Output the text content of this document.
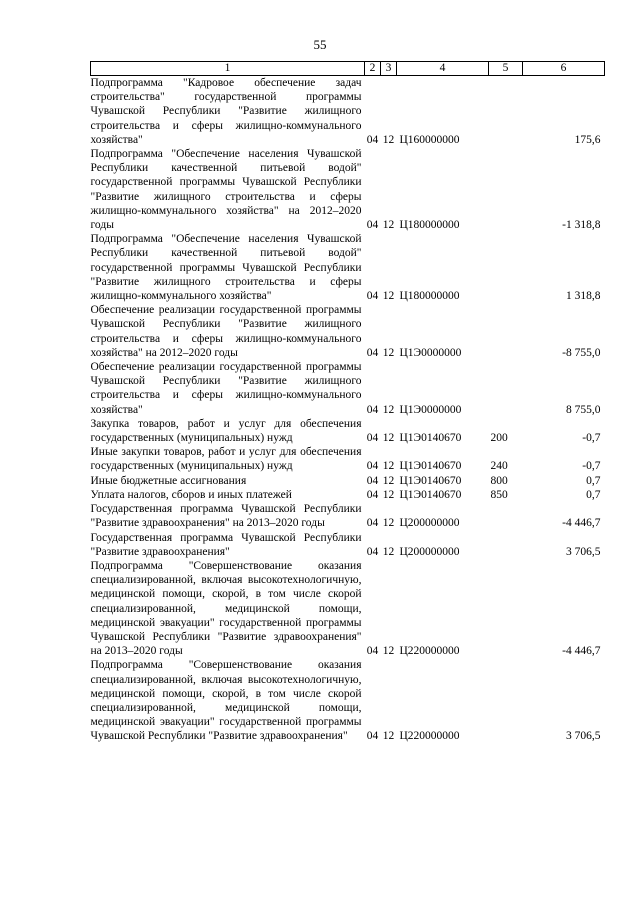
55
1	2	3	4	5	6
Подпрограмма "Кадровое обеспечение задач строительства" государственной программы Чувашской Республики "Развитие жилищного строительства и сферы жилищно-коммунального хозяйства"	04	12	Ц160000000		175,6
Подпрограмма "Обеспечение населения Чувашской Республики качественной питьевой водой" государственной программы Чувашской Республики "Развитие жилищного строительства и сферы жилищно-коммунального хозяйства" на 2012–2020 годы	04	12	Ц180000000		-1 318,8
Подпрограмма "Обеспечение населения Чувашской Республики качественной питьевой водой" государственной программы Чувашской Республики "Развитие жилищного строительства и сферы жилищно-коммунального хозяйства"	04	12	Ц180000000		1 318,8
Обеспечение реализации государственной программы Чувашской Республики "Развитие жилищного строительства и сферы жилищно-коммунального хозяйства" на 2012–2020 годы	04	12	Ц1Э0000000		-8 755,0
Обеспечение реализации государственной программы Чувашской Республики "Развитие жилищного строительства и сферы жилищно-коммунального хозяйства"	04	12	Ц1Э0000000		8 755,0
Закупка товаров, работ и услуг для обеспечения государственных (муниципальных) нужд	04	12	Ц1Э0140670	200	-0,7
Иные закупки товаров, работ и услуг для обеспечения государственных (муниципальных) нужд	04	12	Ц1Э0140670	240	-0,7
Иные бюджетные ассигнования	04	12	Ц1Э0140670	800	0,7
Уплата налогов, сборов и иных платежей	04	12	Ц1Э0140670	850	0,7
Государственная программа Чувашской Республики "Развитие здравоохранения" на 2013–2020 годы	04	12	Ц200000000		-4 446,7
Государственная программа Чувашской Республики "Развитие здравоохранения"	04	12	Ц200000000		3 706,5
Подпрограмма "Совершенствование оказания специализированной, включая высокотехнологичную, медицинской помощи, скорой, в том числе скорой специализированной, медицинской помощи, медицинской эвакуации" государственной программы Чувашской Республики "Развитие здравоохранения" на 2013–2020 годы	04	12	Ц220000000		-4 446,7
Подпрограмма "Совершенствование оказания специализированной, включая высокотехнологичную, медицинской помощи, скорой, в том числе скорой специализированной, медицинской помощи, медицинской эвакуации" государственной программы Чувашской Республики "Развитие здравоохранения"	04	12	Ц220000000		3 706,5
